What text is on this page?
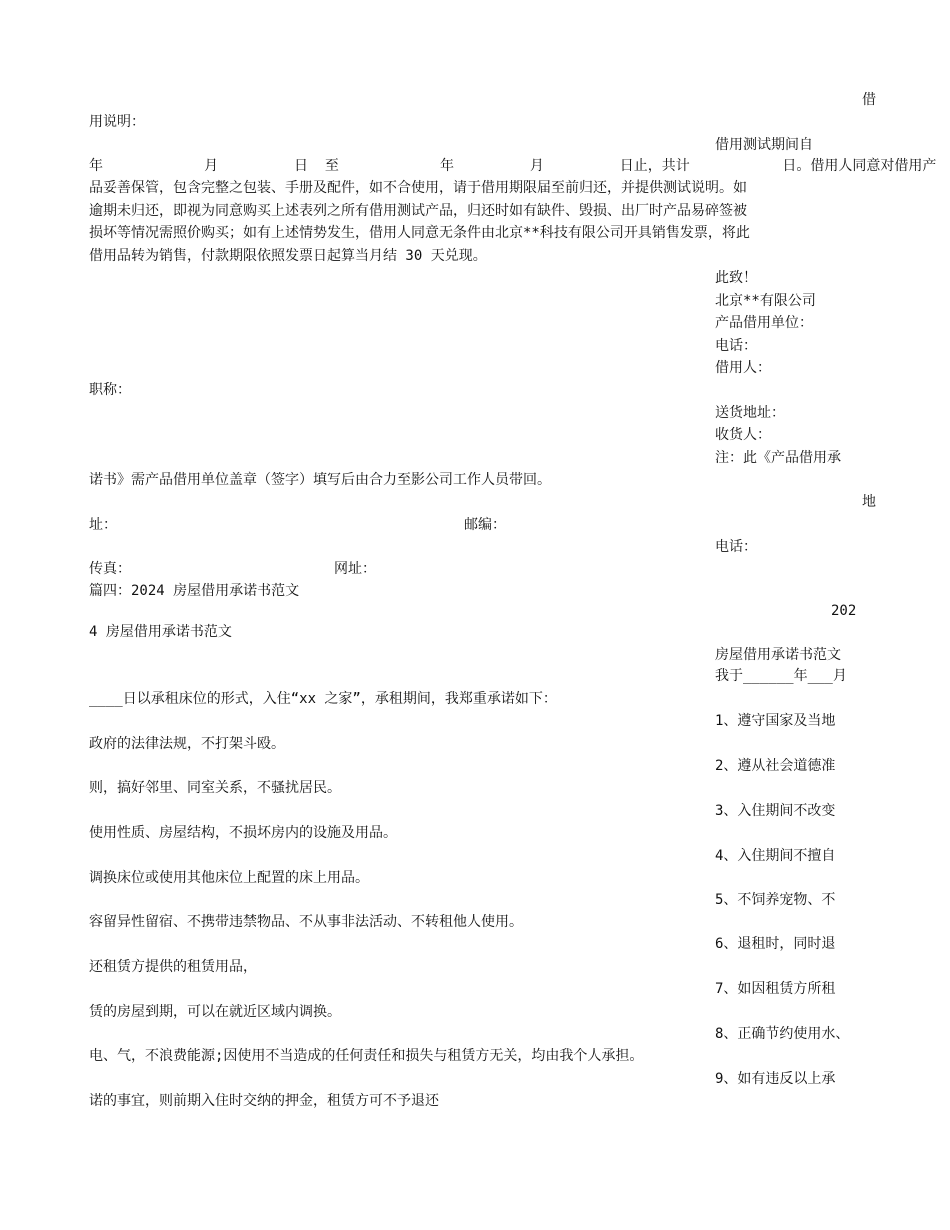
借
用说明：
借用测试期间自
年            月         日  至            年         月         日止，共计           日。借用人同意对借用产
品妥善保管，包含完整之包装、手册及配件，如不合使用，请于借用期限届至前归还，并提供测试说明。如
逾期未归还，即视为同意购买上述表列之所有借用测试产品，归还时如有缺件、毁损、出厂时产品易碎签被
损坏等情况需照价购买；如有上述情势发生，借用人同意无条件由北京**科技有限公司开具销售发票，将此
借用品转为销售，付款期限依照发票日起算当月结 30 天兑现。
此致！
北京**有限公司
产品借用单位：
电话：
借用人：
职称：
送货地址：
收货人：
注：此《产品借用承
诺书》需产品借用单位盖章（签字）填写后由合力至影公司工作人员带回。
地
址：	邮编：
电话：
传真：	网址：
篇四：2024 房屋借用承诺书范文
202
4 房屋借用承诺书范文
房屋借用承诺书范文
我于______年___月
____日以承租床位的形式，入住“xx 之家”，承租期间，我郑重承诺如下：
1、遵守国家及当地
政府的法律法规，不打架斗殴。
2、遵从社会道德准
则，搞好邻里、同室关系，不骚扰居民。
3、入住期间不改变
使用性质、房屋结构，不损坏房内的设施及用品。
4、入住期间不擅自
调换床位或使用其他床位上配置的床上用品。
5、不饲养宠物、不
容留异性留宿、不携带违禁物品、不从事非法活动、不转租他人使用。
6、退租时，同时退
还租赁方提供的租赁用品，
7、如因租赁方所租
赁的房屋到期，可以在就近区域内调换。
8、正确节约使用水、
电、气，不浪费能源;因使用不当造成的任何责任和损失与租赁方无关，均由我个人承担。
9、如有违反以上承
诺的事宜，则前期入住时交纳的押金，租赁方可不予退还
